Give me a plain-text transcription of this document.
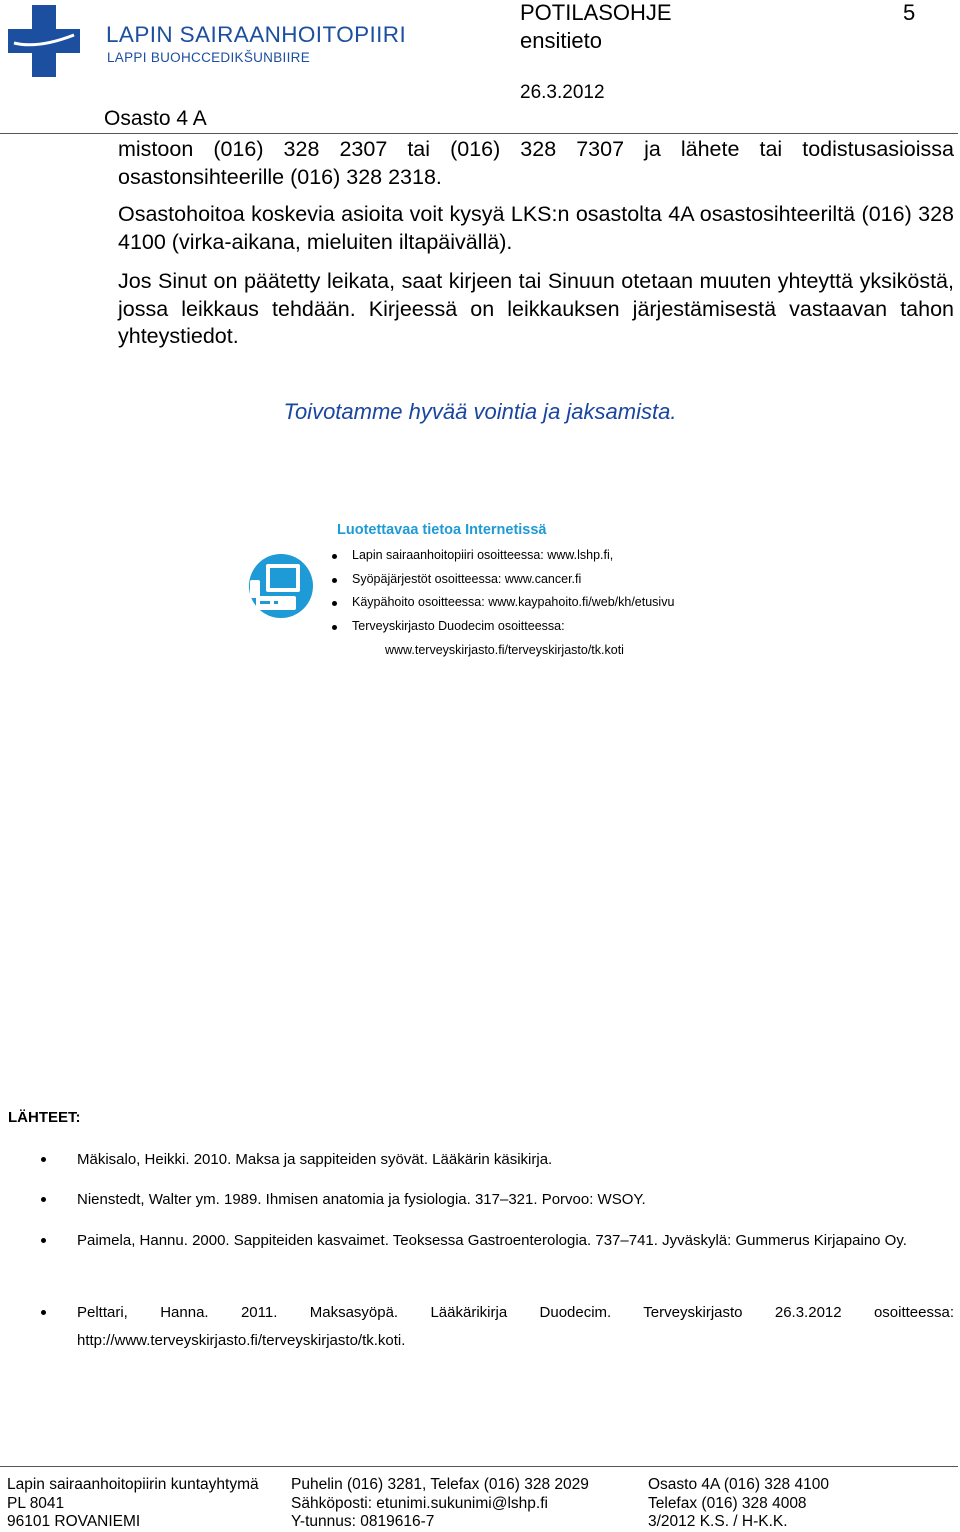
LAPIN SAIRAANHOITOPIIRI
LAPPI BUOHCCEDIKŠUNBIIRE
POTILASOHJE
ensitieto
5
26.3.2012
Osasto 4 A
mistoon (016) 328 2307 tai (016) 328 7307 ja lähete tai todistusasioissa osastonsihteerille (016) 328 2318.
Osastohoitoa koskevia asioita voit kysyä LKS:n osastolta 4A osastosihteeriltä (016) 328 4100 (virka-aikana, mieluiten iltapäivällä).
Jos Sinut on päätetty leikata, saat kirjeen tai Sinuun otetaan muuten yhteyttä yksiköstä, jossa leikkaus tehdään. Kirjeessä on leikkauksen järjestämisestä vastaavan tahon yhteystiedot.
Toivotamme hyvää vointia ja jaksamista.
Luotettavaa tietoa Internetissä
Lapin sairaanhoitopiiri osoitteessa: www.lshp.fi,
Syöpäjärjestöt osoitteessa: www.cancer.fi
Käypähoito osoitteessa: www.kaypahoito.fi/web/kh/etusivu
Terveyskirjasto Duodecim osoitteessa:
www.terveyskirjasto.fi/terveyskirjasto/tk.koti
LÄHTEET:
Mäkisalo, Heikki. 2010. Maksa ja sappiteiden syövät. Lääkärin käsikirja.
Nienstedt, Walter ym. 1989. Ihmisen anatomia ja fysiologia. 317–321. Porvoo: WSOY.
Paimela, Hannu. 2000. Sappiteiden kasvaimet. Teoksessa Gastroenterologia. 737–741. Jyväskylä: Gummerus Kirjapaino Oy.
Pelttari, Hanna. 2011. Maksasyöpä. Lääkärikirja Duodecim. Terveyskirjasto 26.3.2012 osoitteessa: http://www.terveyskirjasto.fi/terveyskirjasto/tk.koti.
Lapin sairaanhoitopiirin kuntayhtymä
PL 8041
96101 ROVANIEMI
Puhelin (016) 3281, Telefax (016) 328 2029
Sähköposti: etunimi.sukunimi@lshp.fi
Y-tunnus: 0819616-7
Osasto 4A (016) 328 4100
Telefax (016) 328 4008
3/2012 K.S. / H-K.K.
